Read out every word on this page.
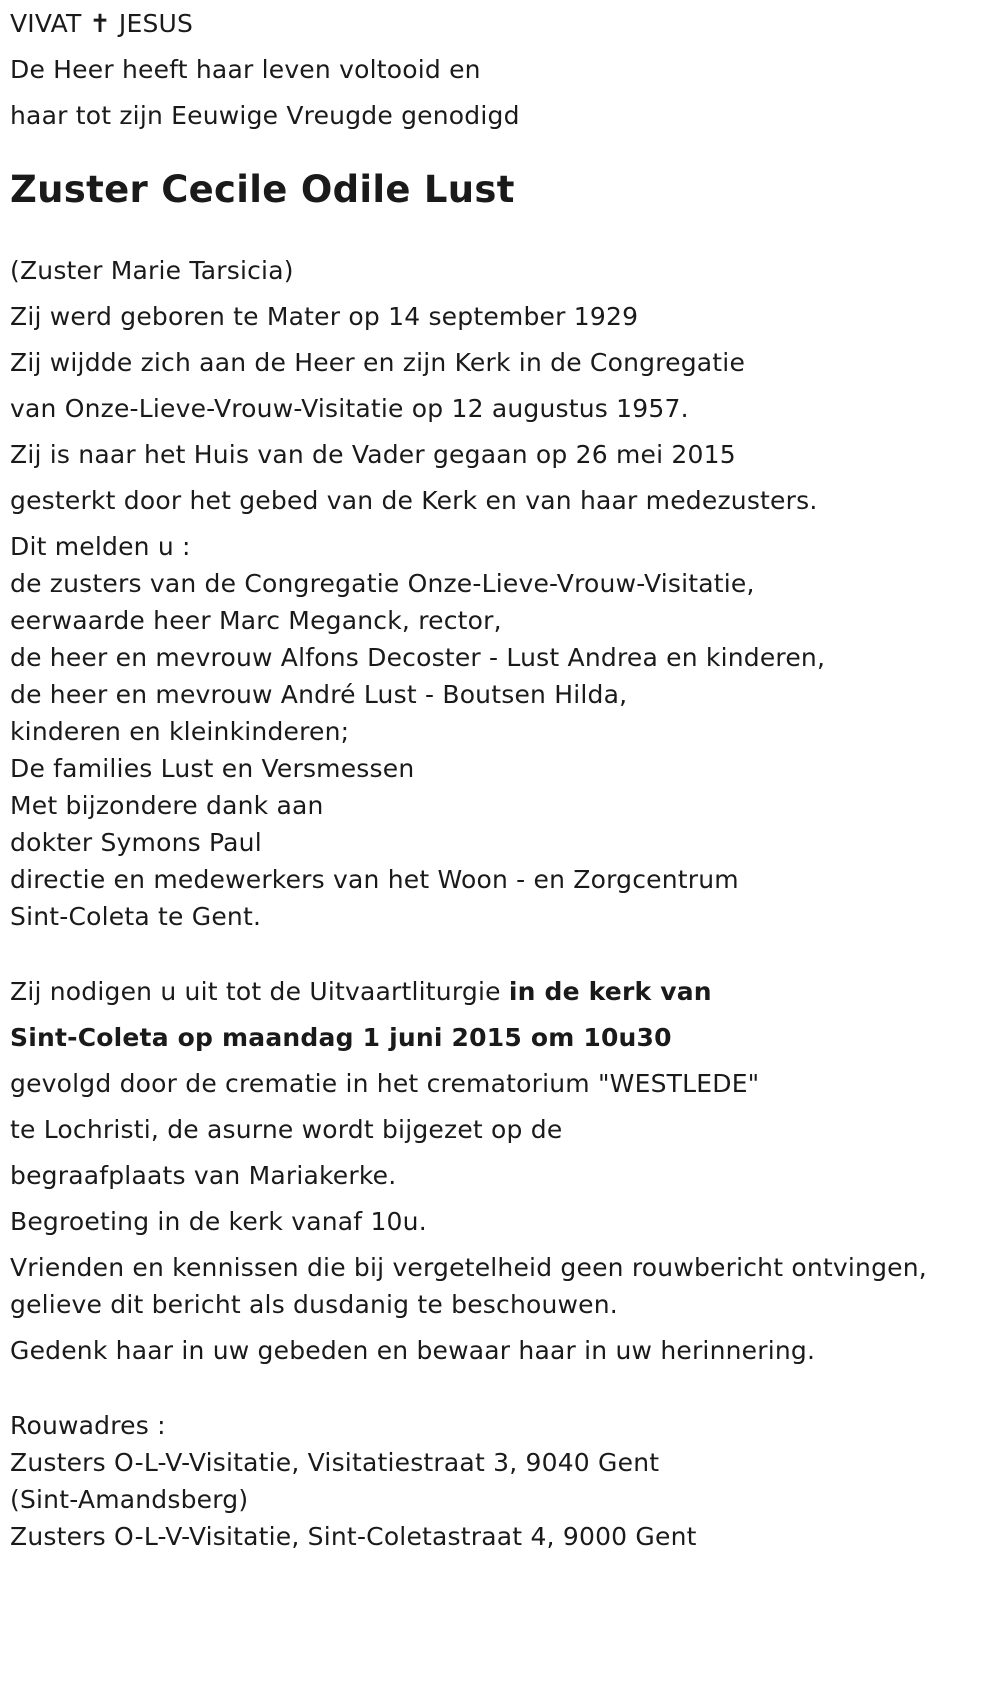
VIVAT ✝ JESUS
De Heer heeft haar leven voltooid en
haar tot zijn Eeuwige Vreugde genodigd
Zuster Cecile Odile Lust
(Zuster Marie Tarsicia)
Zij werd geboren te Mater op 14 september 1929
Zij wijdde zich aan de Heer en zijn Kerk in de Congregatie
van Onze-Lieve-Vrouw-Visitatie op 12 augustus 1957.
Zij is naar het Huis van de Vader gegaan op 26 mei 2015
gesterkt door het gebed van de Kerk en van haar medezusters.
Dit melden u :
de zusters van de Congregatie Onze-Lieve-Vrouw-Visitatie,
eerwaarde heer Marc Meganck, rector,
de heer en mevrouw Alfons Decoster - Lust Andrea en kinderen,
de heer en mevrouw André Lust - Boutsen Hilda,
kinderen en kleinkinderen;
De families Lust en Versmessen
Met bijzondere dank aan
dokter Symons Paul
directie en medewerkers van het Woon - en Zorgcentrum
Sint-Coleta te Gent.
Zij nodigen u uit tot de Uitvaartliturgie in de kerk van
Sint-Coleta op maandag 1 juni 2015 om 10u30
gevolgd door de crematie in het crematorium "WESTLEDE"
te Lochristi, de asurne wordt bijgezet op de
begraafplaats van Mariakerke.
Begroeting in de kerk vanaf 10u.
Vrienden en kennissen die bij vergetelheid geen rouwbericht ontvingen,
gelieve dit bericht als dusdanig te beschouwen.
Gedenk haar in uw gebeden en bewaar haar in uw herinnering.
Rouwadres :
Zusters O-L-V-Visitatie, Visitatiestraat 3, 9040 Gent
(Sint-Amandsberg)
Zusters O-L-V-Visitatie, Sint-Coletastraat 4, 9000 Gent
